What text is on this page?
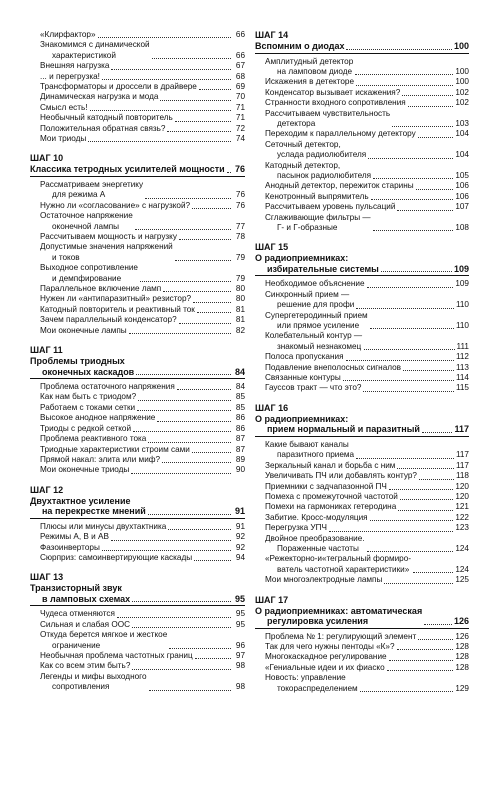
«Клирфактор»	66
Знакомимся с динамической
характеристикой	66
Внешняя нагрузка	67
... и перегрузка!	68
Трансформаторы и дроссели в драйвере	69
Динамическая нагрузка и мода	70
Смысл есть!	71
Необычный катодный повторитель	71
Положительная обратная связь?	72
Мои триоды	74
ШАГ 10
Классика тетродных усилителей мощности 76
Рассматриваем энергетику
для режима А	76
Нужно ли «согласование» с нагрузкой?	76
Остаточное напряжение
оконечной лампы	77
Рассчитываем мощность и нагрузку	78
Допустимые значения напряжений
и токов	79
Выходное сопротивление
и демпфирование	79
Параллельное включение ламп	80
Нужен ли «антипаразитный» резистор?	80
Катодный повторитель и реактивный ток	81
Зачем параллельный конденсатор?	81
Мои оконечные лампы	82
ШАГ 11
Проблемы триодных
оконечных каскадов	84
Проблема остаточного напряжения	84
Как нам быть с триодом?	85
Работаем с токами сетки	85
Высокое анодное напряжение	86
Триоды с редкой сеткой	86
Проблема реактивного тока	87
Триодные характеристики строим сами	87
Прямой накал: элита или миф?	89
Мои оконечные триоды	90
ШАГ 12
Двухтактное усиление
на перекрестке мнений	91
Плюсы или минусы двухтактника	91
Режимы А, В и АВ	92
Фазоинверторы	92
Сюрприз: самоинвертирующие каскады	94
ШАГ 13
Транзисторный звук
в ламповых схемах	95
Чудеса отменяются	95
Сильная и слабая ООС	95
Откуда берется мягкое и жесткое
ограничение	96
Необычная проблема частотных границ	97
Как со всем этим быть?	98
Легенды и мифы выходного
сопротивления	98
ШАГ 14
Вспомним о диодах	100
Амплитудный детектор
на ламповом диоде	100
Искажения в детекторе	100
Конденсатор вызывает искажения?	102
Странности входного сопротивления	102
Рассчитываем чувствительность
детектора	103
Переходим к параллельному детектору	104
Сеточный детектор,
услада радиолюбителя	104
Катодный детектор,
пасынок радиолюбителя	105
Анодный детектор, пережиток старины	106
Кенотронный выпрямитель	106
Рассчитываем уровень пульсаций	107
Сглаживающие фильтры —
Г- и Г-образные	108
ШАГ 15
О радиоприемниках:
избирательные системы	109
Необходимое объяснение	109
Синхронный прием —
решение для профи	110
Супергетеродинный прием
или прямое усиление	110
Колебательный контур —
знакомый незнакомец	111
Полоса пропускания	112
Подавление внеполосных сигналов	113
Связанные контуры	114
Гауссов тракт — что это?	115
ШАГ 16
О радиоприемниках:
прием нормальный и паразитный	117
Какие бывают каналы
паразитного приема	117
Зеркальный канал и борьба с ним	117
Увеличивать ПЧ или добавлять контур?	118
Приемники с задчапазонной ПЧ	120
Помеха с промежуточной частотой	120
Помехи на гармониках гетеродина	121
Забитие. Кросс-модуляция	122
Перегрузка УПЧ	123
Двойное преобразование.
Пораженные частоты	124
«Режекторно-и«тегральный формиро-
ватель частотной характеристики»	124
Мои многоэлектродные лампы	125
ШАГ 17
О радиоприемниках: автоматическая
регулировка усиления	126
Проблема № 1: регулирующий элемент	126
Так для чего нужны пентоды «К»?	128
Многокаскадное регулирование	128
«Гениальные идеи и их фиаско	128
Новость: управление
токораспределением	129
